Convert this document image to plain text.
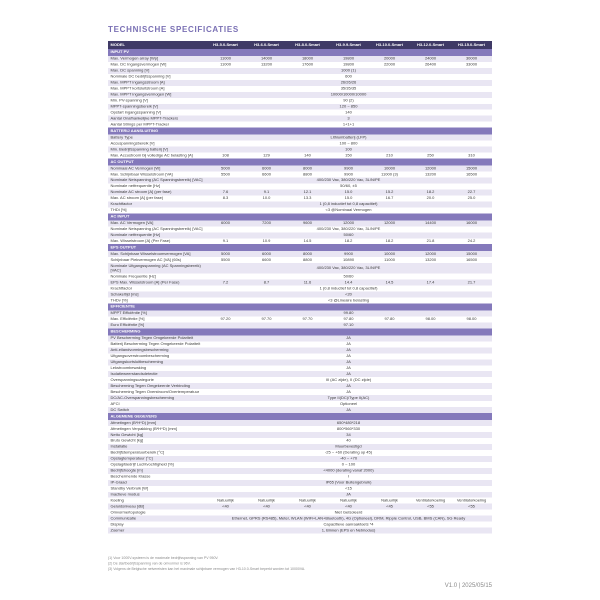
TECHNISCHE SPECIFICATIES
MODEL	H3-5.0-Smart	H3-6.0-Smart	H3-8.0-Smart	H3-9.9-Smart	H3-10.0-Smart	H3-12.0-Smart	H3-15.0-Smart
INPUT PV							
Max. Vermogen array [Wp]	11000	14000	18000	19800	20000	24000	30000
Max. DC Ingangsvermogen [W]	11000	13200	17600	19800	22000	26400	33000
Max. DC spanning [V]	1000 (1)						
Nominale DC bedrijfsspanning [V]	600						
Max. MPPT ingangsstroom [A]	26/26/26						
Max. MPPT kortsluitstroom [A]	35/35/35						
Max. MPPT ingangsvermogen [W]	10000/10000/10000						
Min. PV-spanning [V]	90 (2)						
MPPT-spanningsbereik [V]	120 ~ 850						
Opstart ingangsspanning [V]	140						
Aantal Onafhankelijke MPPT-Trackers	3						
Aantal Strings per MPPT-Tracker	1+1+1						
BATTERIJ AANSLUITING							
Battery Type	Lithiumbatterij (LFP)						
Accuspanningsbereik [V]	100 ~ 800						
Min. Bedrijfsspanning batterij [V]	100						
Max. Accustroom bij volledige AC belasting [A]	108	129	140	150	210	250	310
AC OUTPUT							
Nominaal AC Vermogen [W]	5000	6000	8000	9900	10000	12000	15000
Max. Schijnbaar Wisselstroom [VA]	5500	6600	8800	9900	11000 (3)	13200	16500
Nominale Netspanning (AC Spanningsbereik) [VAC]	400/230 Vac, 380/220 Vac, 3L/N/PE						
Nominale netfrequentie [Hz]	50/60, ±5						
Nominale AC stroom [A] (per fase)	7.6	9.1	12.1	15.0	15.2	18.2	22.7
Max. AC stroom [A] (per fase)	8.3	10.0	13.3	15.0	16.7	20.0	25.0
Krachtfactor	1 (0,8 inductief tot 0,8 capacitief)						
THDi [%]	<3 @Nominaal Vermogen						
AC INPUT							
Max. AC Vermogen [VA]	6000	7200	9600	12000	12000	14400	16000
Nominale Netspanning (AC Spanningsbereik) [VAC]	400/230 Vac, 380/220 Vac, 3L/N/PE						
Nominale netfrequentie [Hz]	50/60						
Max. Wisselstroom [A] (Per Fase)	9.1	10.9	14.5	18.2	18.2	21.8	24.2
EPS OUTPUT							
Max. Schijnbaar Wisselstroomvermogen [VA]	5000	6000	8000	9900	10000	12000	15000
Schijnbaar Piekvermogen AC [VA] (60s)	5500	6600	8800	10890	11000	13200	16500
Nominale Uitgangsspanning (AC Spanningsbereik) [VAC]	400/230 Vac, 380/220 Vac, 3L/N/PE						
Nominale Frequentie [Hz]	50/60						
EPS Max. Wisselstroom [A] (Per Fase)	7.2	8.7	11.6	14.4	14.5	17.4	21.7
Krachtfactor	1 (0,8 inductief tot 0,8 capacitief)						
Schakeltijd [ms]	<20						
THDv [%]	<3 @Lineaire belasting						
EFFICIENTIE							
MPPT Efficiëntie [%]	99.80						
Max. Efficiëntie [%]	97.20	97.70	97.70	97.80	97.80	98.00	98.00
Euro Efficiëntie [%]	97.10						
BESCHERMING							
PV Bescherming Tegen Omgekeerde Polariteit	JA						
Batterij Bescherming Tegen Omgekeerde Polariteit	JA						
Anti-eilandvormingsbescherming	JA						
Uitgangsoverstroombescherming	JA						
Uitgangskortsluitbescherming	JA						
Lekstroombewaking	JA						
Isolatieweerstandsdetectie	JA						
Overspanningscategorie	III (AC zijde), II (DC zijde)						
Bescherming Tegen Omgekeerde Verbinding	JA						
Bescherming Tegen Overstroom/Overtemperatuur	JA						
DC/AC-Overspanningsbescherming	Type II(DC)/Type II(AC)						
AFCI	Optioneel						
DC Switch	JA						
ALGEMENE GEGEVENS							
Afmetingen (B*H*D) [mm]	650*480*218						
Afmetingen Verpakking (B*H*D) [mm]	800*560*330						
Netto Gewicht [kg]	34						
Bruto Gewicht [kg]	40						
Installatie	Muurbevestigd						
Bedrijfstemperatuurbereik [°C]	-25 ~ +60 (Derating op 45)						
Opslagtemperatuur [°C]	-40 ~ +70						
Opslag/Bedrijf Luchtvochtigheid [%]	0 ~ 100						
Bedrijfshoogte [m]	<4000 (derating vanaf 2000)						
Beschermende Klasse	I						
IP-Graad	IP65 (Voor Buitengebruik)						
Standby Verbruik [W]	<15						
Inactieve modus	JA						
Koeling	Natuurlijk	Natuurlijk	Natuurlijk	Natuurlijk	Natuurlijk	Ventilatorkoeling	Ventilatorkoeling
Geluidsniveau [dB]	<40	<40	<40	<40	<45	<55	<55
Omvormertopologie	Niet Geïsoleerd						
Communicatie	Ethernet, GPRS (RS485), Meter, WLAN (WiFi+LAN+Bluetooth), 4G (Optioneel), DRM, Ripple Control, USB, BMS (CAN), SG Ready						
Display	Capacitieve aanraaktoets *4						
Zoemer	1, Binnen (EPS en Netmodus)						
(1) Voor 1000V-systeem is de maximale bedrijfsspanning van PV 950V.
(2) De startbedrijfsspanning van de omvormer is 96V.
(3) Volgens de Belgische netvereisten kan het maximale schijnbare vermogen van H3-10.0-Smart beperkt worden tot 10000VA.
V1.0 | 2025/05/15
